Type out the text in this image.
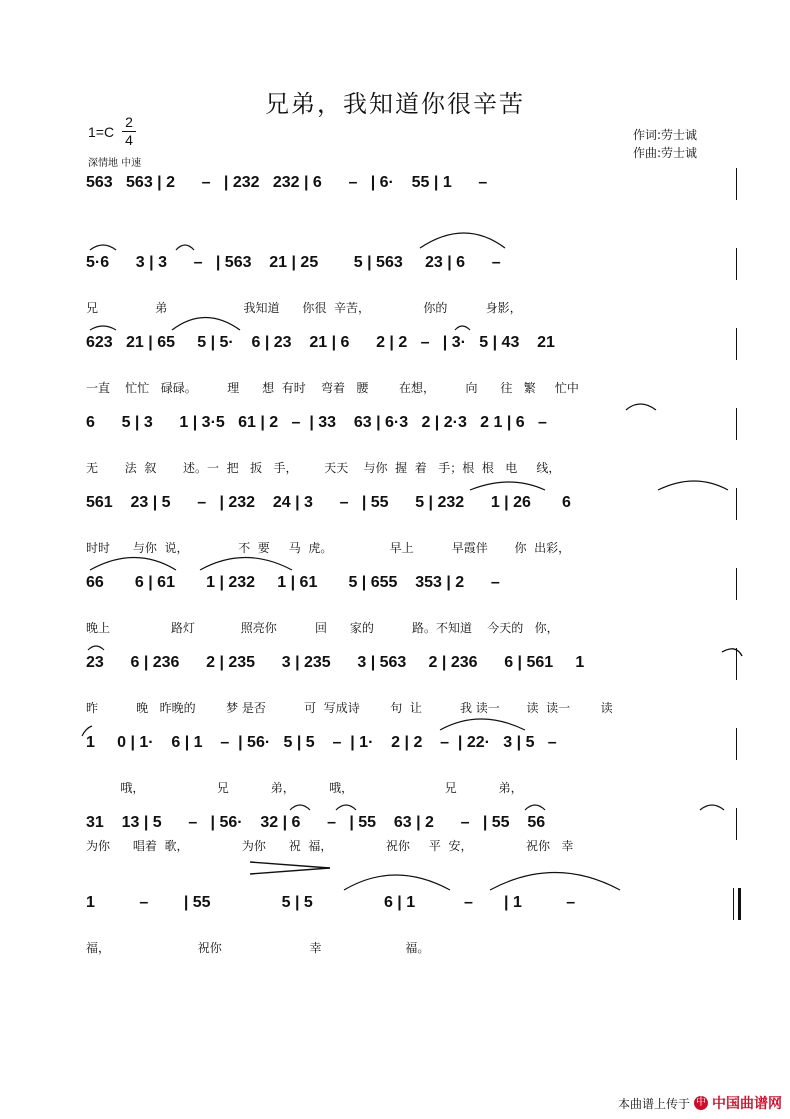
兄弟，我知道你很辛苦
1=C
2
4	作词:劳士诚
作曲:劳士诚
深情地 中速
563   563 | 2      –   | 232   232 | 6      –   | 6·    55 | 1      –
5·6      3 | 3      –   | 563    21 | 25        5 | 563     23 | 6      –
兄               弟                    我知道      你很  辛苦，              你的          身影，
623   21 | 65     5 | 5·    6 | 23    21 | 6      2 | 2   –   | 3·   5 | 43    21
一直    忙忙   碌碌。        理      想  有时    弯着   腰        在想，        向      往   繁     忙中
6      5 | 3      1 | 3·5   61 | 2   –  | 33    63 | 6·3   2 | 2·3   2 1 | 6   –
无       法  叙       述。一  把   扳   手，       天天    与你  握  着   手；根  根   电     线，
561    23 | 5      –   | 232    24 | 3      –   | 55      5 | 232      1 | 26       6
时时      与你  说，             不  要     马  虎。               早上          早霞伴       你  出彩，
66       6 | 61       1 | 232     1 | 61       5 | 655    353 | 2      –
晚上                路灯            照亮你          回      家的          路。不知道    今天的   你，
23      6 | 236      2 | 235      3 | 235      3 | 563     2 | 236      6 | 561     1
昨          晚   昨晚的        梦 是否          可  写成诗        句  让          我 读一       读  读一        读
1     0 | 1·    6 | 1    –  | 56·   5 | 5    –  | 1·    2 | 2    –  | 22·   3 | 5   –
哦，                   兄           弟，         哦，                        兄           弟，
31    13 | 5      –   | 56·    32 | 6      –   | 55    63 | 2      –   | 55    56
为你      唱着  歌，              为你      祝  福，              祝你     平  安，              祝你   幸
1          –        | 55                5 | 5                6 | 1           –       | 1          –
福，                       祝你                       幸                      福。
本曲谱上传于 中 中国曲谱网
